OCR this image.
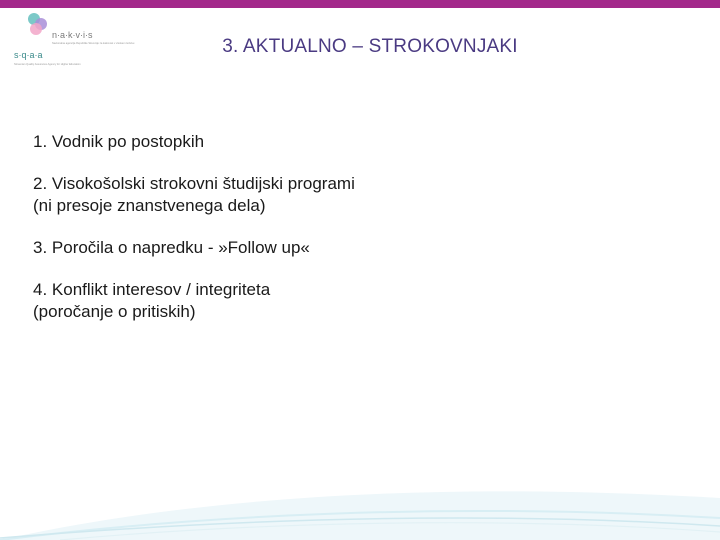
n·a·k·v·i·s
Nacionalna agencija Republike Slovenije za kakovost v visokem šolstvu
s·q·a·a
Slovenian Quality Assurance Agency for Higher Education
3. AKTUALNO – STROKOVNJAKI
1. Vodnik po postopkih
2. Visokošolski strokovni študijski programi
(ni presoje znanstvenega dela)
3. Poročila o napredku - »Follow up«
4. Konflikt interesov / integriteta
(poročanje o pritiskih)
